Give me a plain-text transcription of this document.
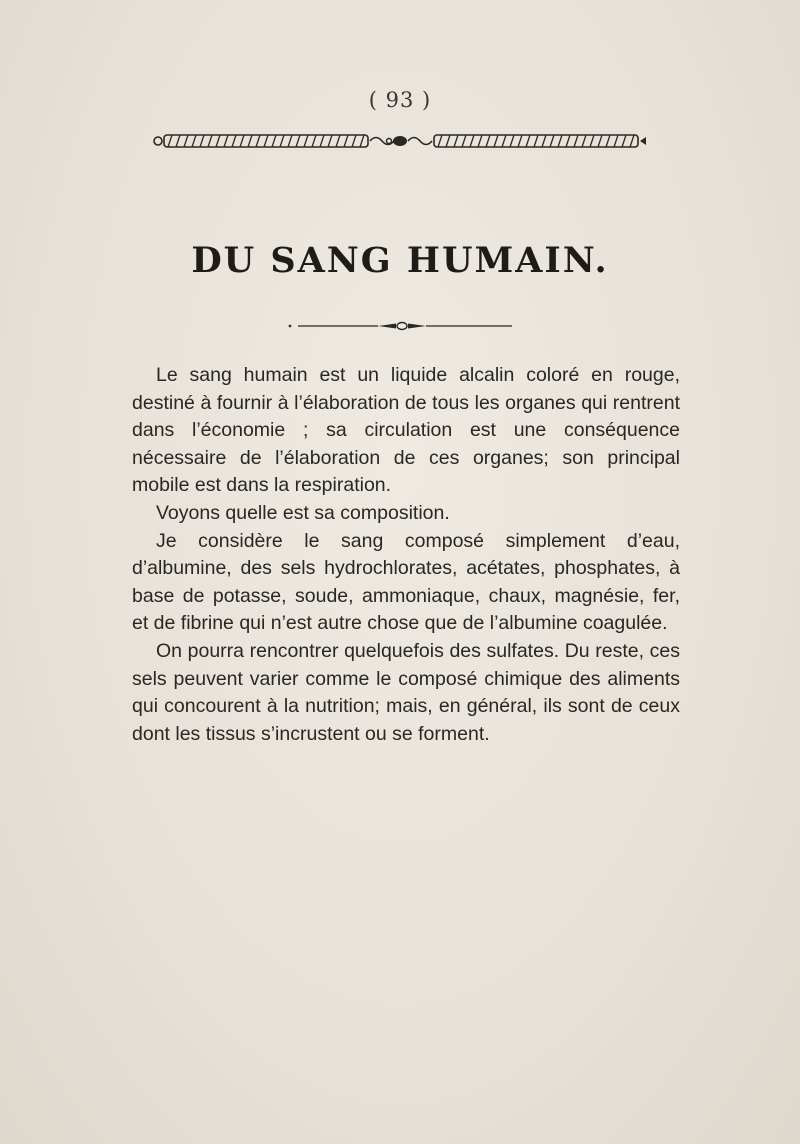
( 93 )
DU SANG HUMAIN.

Le sang humain est un liquide alcalin coloré en rouge, destiné à fournir à l’élaboration de tous les organes qui rentrent dans l’économie ; sa circulation est une conséquence nécessaire de l’élaboration de ces organes; son principal mobile est dans la respiration.

Voyons quelle est sa composition.

Je considère le sang composé simplement d’eau, d’albumine, des sels hydrochlorates, acétates, phosphates, à base de potasse, soude, ammoniaque, chaux, magnésie, fer, et de fibrine qui n’est autre chose que de l’albumine coagulée.

On pourra rencontrer quelquefois des sulfates. Du reste, ces sels peuvent varier comme le composé chimique des aliments qui concourent à la nutrition; mais, en général, ils sont de ceux dont les tissus s’incrustent ou se forment.
